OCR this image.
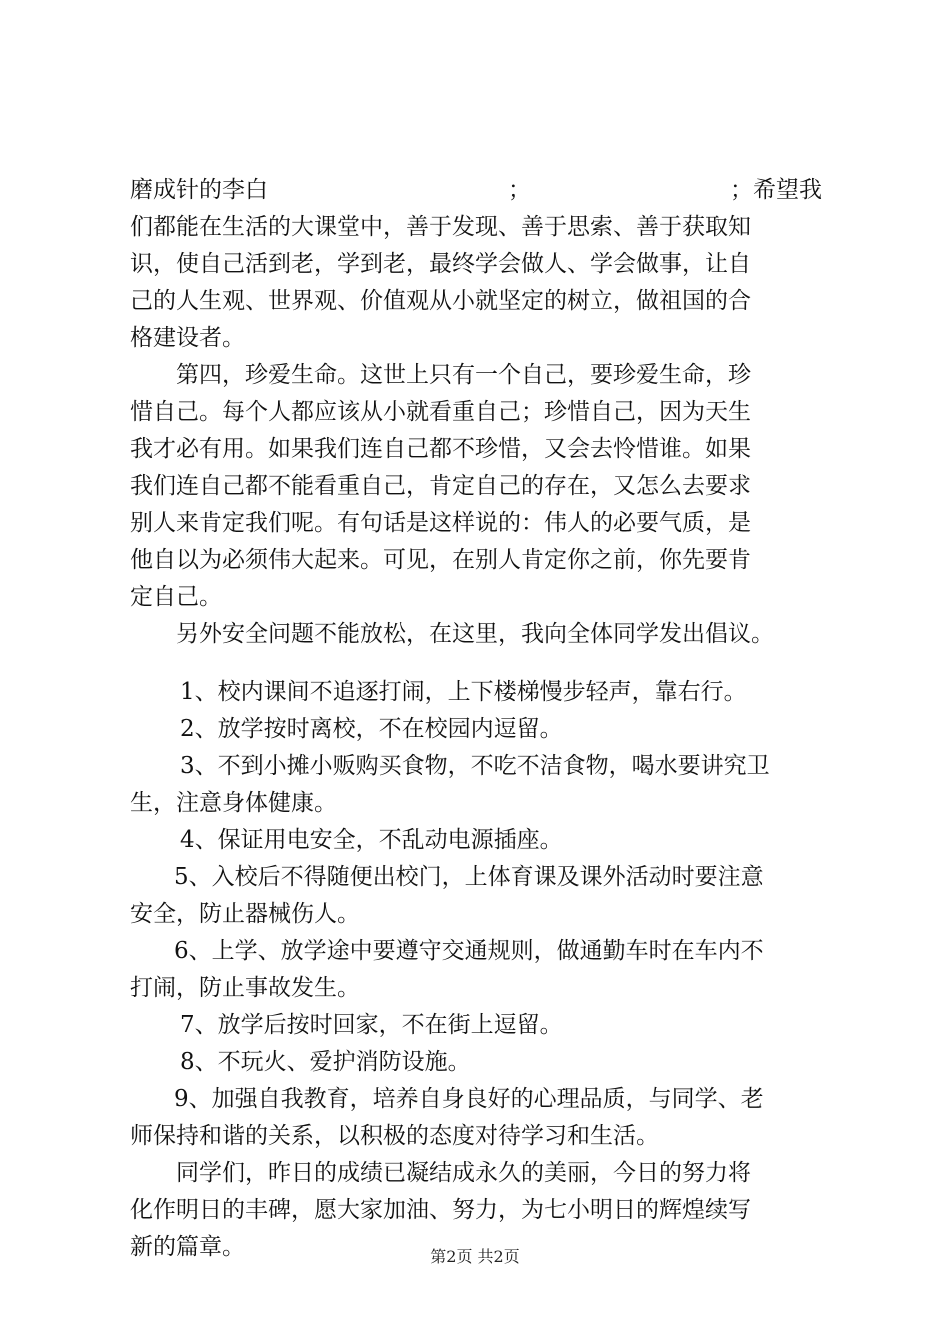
磨成针的李白	；	；希望我
们都能在生活的大课堂中，善于发现、善于思索、善于获取知
识，使自己活到老，学到老，最终学会做人、学会做事，让自
己的人生观、世界观、价值观从小就坚定的树立，做祖国的合
格建设者。
第四，珍爱生命。这世上只有一个自己，要珍爱生命，珍
惜自己。每个人都应该从小就看重自己；珍惜自己，因为天生
我才必有用。如果我们连自己都不珍惜，又会去怜惜谁。如果
我们连自己都不能看重自己，肯定自己的存在，又怎么去要求
别人来肯定我们呢。有句话是这样说的：伟人的必要气质，是
他自以为必须伟大起来。可见，在别人肯定你之前，你先要肯
定自己。
另外安全问题不能放松，在这里，我向全体同学发出倡议。
1、校内课间不追逐打闹，上下楼梯慢步轻声，靠右行。
2、放学按时离校，不在校园内逗留。
3、不到小摊小贩购买食物，不吃不洁食物，喝水要讲究卫
生，注意身体健康。
4、保证用电安全，不乱动电源插座。
5、入校后不得随便出校门，上体育课及课外活动时要注意
安全，防止器械伤人。
6、上学、放学途中要遵守交通规则，做通勤车时在车内不
打闹，防止事故发生。
7、放学后按时回家，不在街上逗留。
8、不玩火、爱护消防设施。
9、加强自我教育，培养自身良好的心理品质，与同学、老
师保持和谐的关系，以积极的态度对待学习和生活。
同学们，昨日的成绩已凝结成永久的美丽，今日的努力将
化作明日的丰碑，愿大家加油、努力，为七小明日的辉煌续写
新的篇章。	第2页 共2页
